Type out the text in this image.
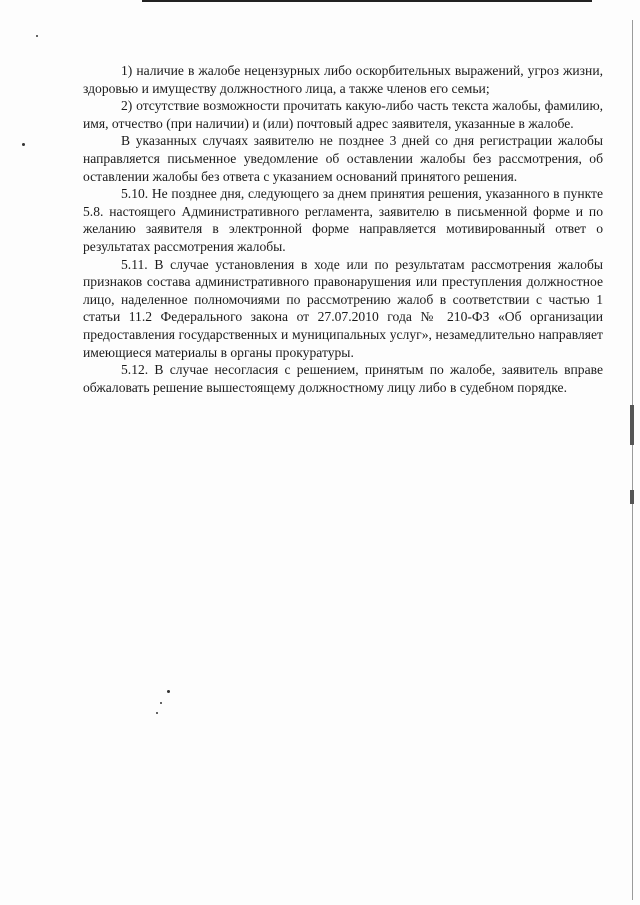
1) наличие в жалобе нецензурных либо оскорбительных выражений, угроз жизни, здоровью и имуществу должностного лица, а также членов его семьи;

2) отсутствие возможности прочитать какую-либо часть текста жалобы, фамилию, имя, отчество (при наличии) и (или) почтовый адрес заявителя, указанные в жалобе.

В указанных случаях заявителю не позднее 3 дней со дня регистрации жалобы направляется письменное уведомление об оставлении жалобы без рассмотрения, об оставлении жалобы без ответа с указанием оснований принятого решения.

5.10. Не позднее дня, следующего за днем принятия решения, указанного в пункте 5.8. настоящего Административного регламента, заявителю в письменной форме и по желанию заявителя в электронной форме направляется мотивированный ответ о результатах рассмотрения жалобы.

5.11. В случае установления в ходе или по результатам рассмотрения жалобы признаков состава административного правонарушения или преступления должностное лицо, наделенное полномочиями по рассмотрению жалоб в соответствии с частью 1 статьи 11.2 Федерального закона от 27.07.2010 года № 210-ФЗ «Об организации предоставления государственных и муниципальных услуг», незамедлительно направляет имеющиеся материалы в органы прокуратуры.

5.12. В случае несогласия с решением, принятым по жалобе, заявитель вправе обжаловать решение вышестоящему должностному лицу либо в судебном порядке.
